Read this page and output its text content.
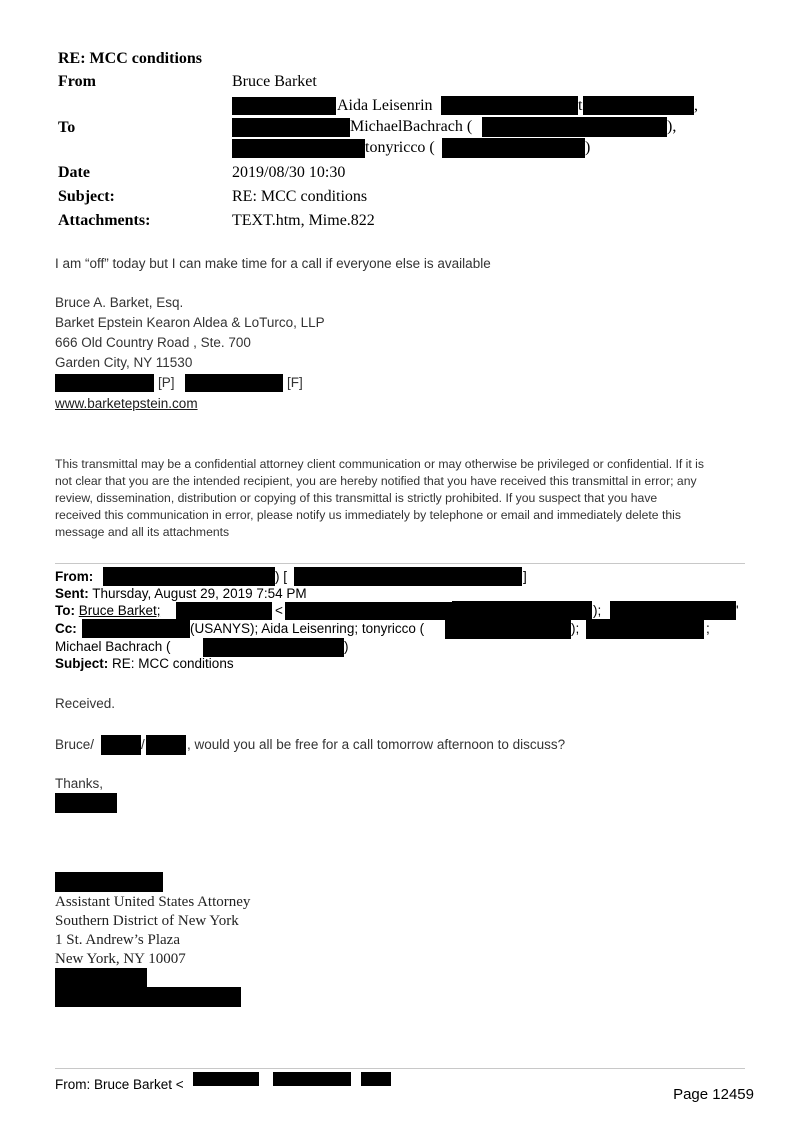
RE: MCC conditions
From	Bruce Barket
To
Aida Leisenrin	t	,
MichaelBachrach (	),
tonyricco (	)
Date	2019/08/30 10:30
Subject:	RE: MCC conditions
Attachments:	TEXT.htm, Mime.822
I am “off” today but I can make time for a call if everyone else is available
Bruce A. Barket, Esq.
Barket Epstein Kearon Aldea & LoTurco, LLP
666 Old Country Road , Ste. 700
Garden City, NY 11530
[P]	[F]
www.barketepstein.com
This transmittal may be a confidential attorney client communication or may otherwise be privileged or confidential. If it is not clear that you are the intended recipient, you are hereby notified that you have received this transmittal in error; any review, dissemination, distribution or copying of this transmittal is strictly prohibited. If you suspect that you have received this communication in error, please notify us immediately by telephone or email and immediately delete this message and all its attachments
From:	) [	]
Sent: Thursday, August 29, 2019 7:54 PM
To: Bruce Barket;	<	);	'
Cc:	(USANYS); Aida Leisenring; tonyricco (	);	;
Michael Bachrach (	)
Subject: RE: MCC conditions
Received.
Bruce/	/	, would you all be free for a call tomorrow afternoon to discuss?
Thanks,
Assistant United States Attorney
Southern District of New York
1 St. Andrew’s Plaza
New York, NY 10007
From: Bruce Barket <
Page 12459
